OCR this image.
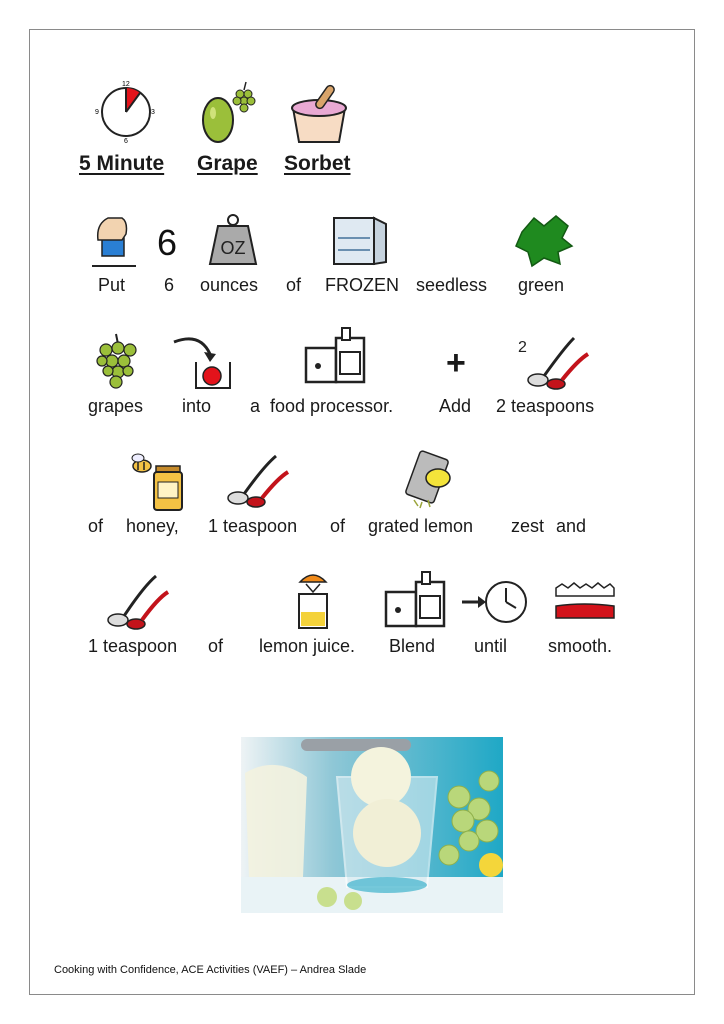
12
3
6
9
5 Minute Grape Sorbet
6 OZ
Put 6 ounces of FROZEN seedless green
+	2
grapes into a food processor.	Add 2 teaspoons
of honey, 1 teaspoon of grated lemon zest and
1 teaspoon of lemon juice. Blend until smooth.
Cooking with Confidence, ACE Activities (VAEF) – Andrea Slade
